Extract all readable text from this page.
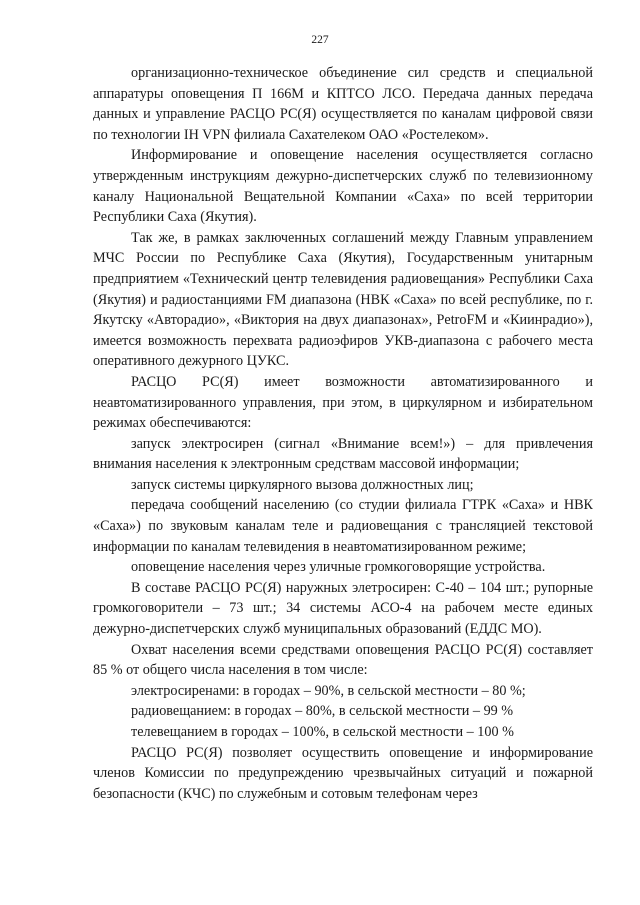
227

организационно-техническое объединение сил средств и специальной аппаратуры оповещения П 166М и КПТСО ЛСО. Передача данных передача данных и управление РАСЦО РС(Я) осуществляется по каналам цифровой связи по технологии IH VPN филиала Сахателеком ОАО «Ростелеком».

Информирование и оповещение населения осуществляется согласно утвержденным инструкциям дежурно-диспетчерских служб по телевизионному каналу Национальной Вещательной Компании «Саха» по всей территории Республики Саха (Якутия).

Так же, в рамках заключенных соглашений между Главным управлением МЧС России по Республике Саха (Якутия), Государственным унитарным предприятием «Технический центр телевидения радиовещания» Республики Саха (Якутия) и радиостанциями FM диапазона (НВК «Саха» по всей республике, по г. Якутску «Авторадио», «Виктория на двух диапазонах», PetroFM и «Киинрадио»), имеется возможность перехвата радиоэфиров УКВ-диапазона с рабочего места оперативного дежурного ЦУКС.

РАСЦО РС(Я) имеет возможности автоматизированного и неавтоматизированного управления, при этом, в циркулярном и избирательном режимах обеспечиваются:

запуск электросирен (сигнал «Внимание всем!») – для привлечения внимания населения к электронным средствам массовой информации;

запуск системы циркулярного вызова должностных лиц;

передача сообщений населению (со студии филиала ГТРК «Саха» и НВК «Саха») по звуковым каналам теле и радиовещания с трансляцией текстовой информации по каналам телевидения в неавтоматизированном режиме;

оповещение населения через уличные громкоговорящие устройства.

В составе РАСЦО РС(Я) наружных элетросирен: С-40 – 104 шт.; рупорные громкоговорители – 73 шт.; 34 системы АСО-4 на рабочем месте единых дежурно-диспетчерских служб муниципальных образований (ЕДДС МО).

Охват населения всеми средствами оповещения РАСЦО РС(Я) составляет 85 % от общего числа населения в том числе:

электросиренами: в городах – 90%, в сельской местности – 80 %;

радиовещанием: в городах – 80%, в сельской местности – 99 %

телевещанием в городах – 100%, в сельской местности – 100 %

РАСЦО РС(Я) позволяет осуществить оповещение и информирование членов Комиссии по предупреждению чрезвычайных ситуаций и пожарной безопасности (КЧС) по служебным и сотовым телефонам через
